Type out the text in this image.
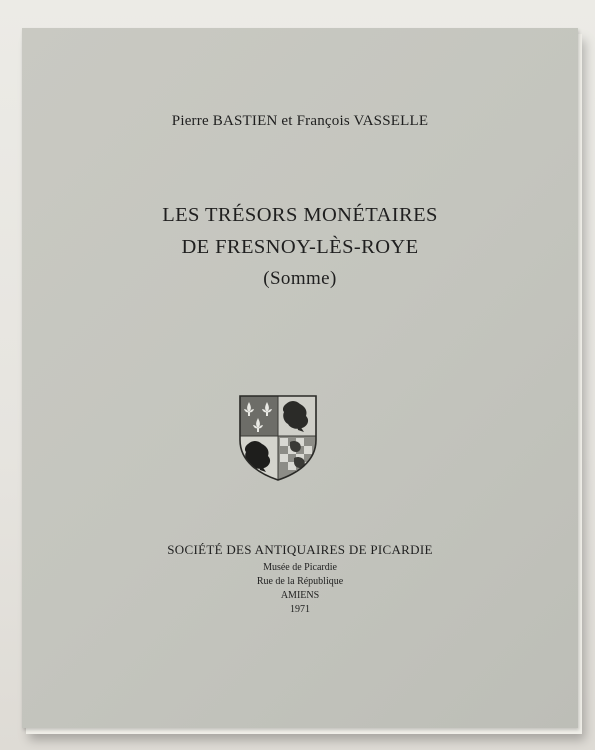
Pierre BASTIEN et François VASSELLE
LES TRÉSORS MONÉTAIRES
DE FRESNOY-LÈS-ROYE
(Somme)
SOCIÉTÉ DES ANTIQUAIRES DE PICARDIE
Musée de Picardie
Rue de la République
AMIENS
1971
